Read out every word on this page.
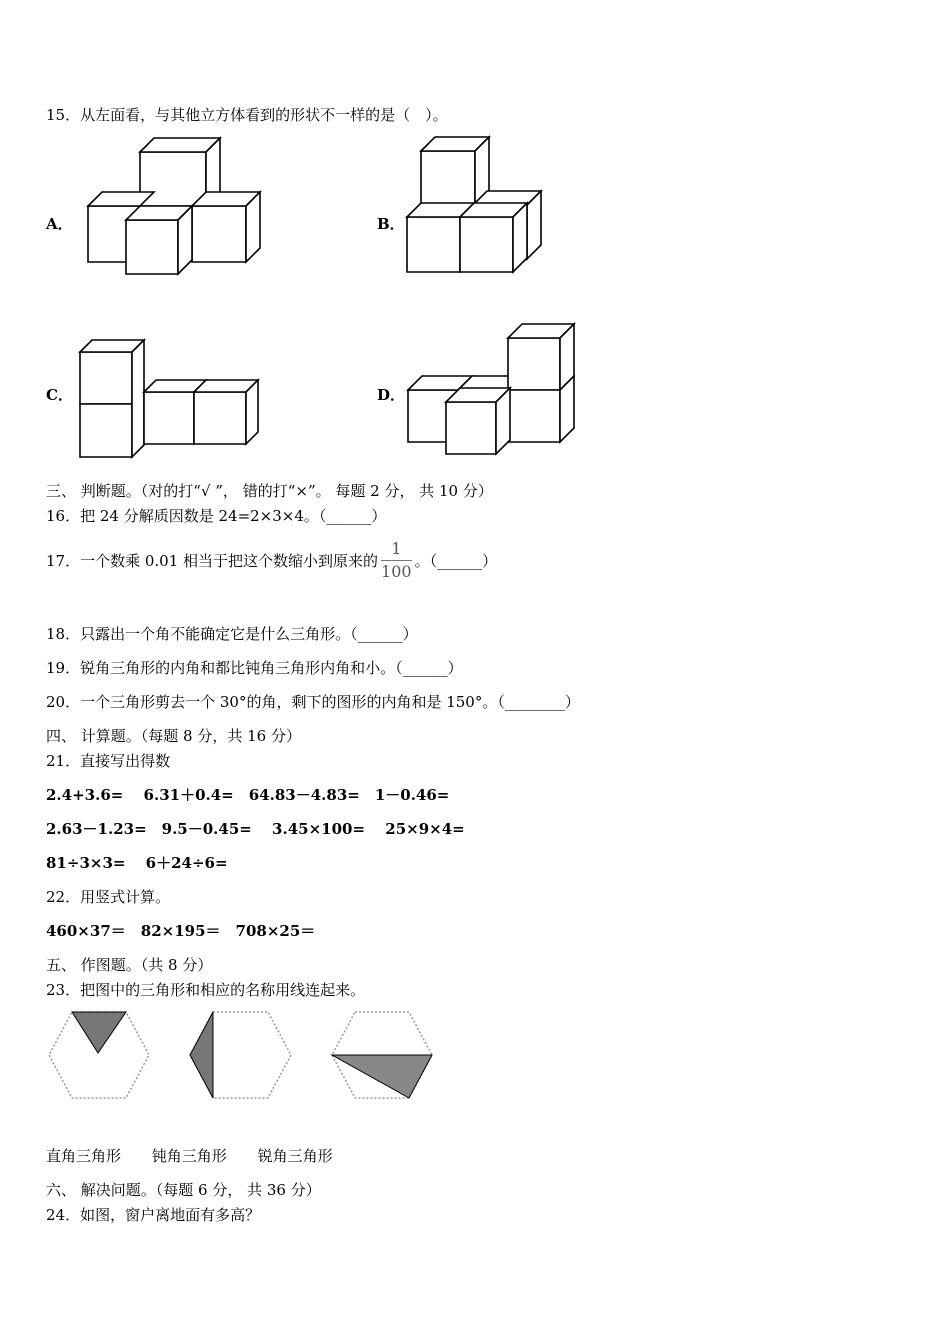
15．从左面看，与其他立方体看到的形状不一样的是（　）。
A．	B．
C．	D．
三、 判断题。（对的打“√ ”， 错的打“×”。 每题 2 分， 共 10 分）
16．把 24 分解质因数是 24=2×3×4。（______）
17．一个数乘 0.01 相当于把这个数缩小到原来的 $\frac{1}{100}$ 。（______）
18．只露出一个角不能确定它是什么三角形。（______）
19．锐角三角形的内角和都比钝角三角形内角和小。（______）
20．一个三角形剪去一个 30°的角，剩下的图形的内角和是 150°。（________）
四、 计算题。（每题 8 分，共 16 分）
21．直接写出得数
2.4+3.6=　 6.31＋0.4=　64.83－4.83=　1－0.46=
2.63－1.23=　9.5－0.45=　 3.45×100=　 25×9×4=
81÷3×3=　 6＋24÷6=
22．用竖式计算。
460×37＝　82×195＝　708×25＝
五、 作图题。（共 8 分）
23．把图中的三角形和相应的名称用线连起来。
直角三角形 钝角三角形 锐角三角形
六、 解决问题。（每题 6 分， 共 36 分）
24．如图，窗户离地面有多高？
